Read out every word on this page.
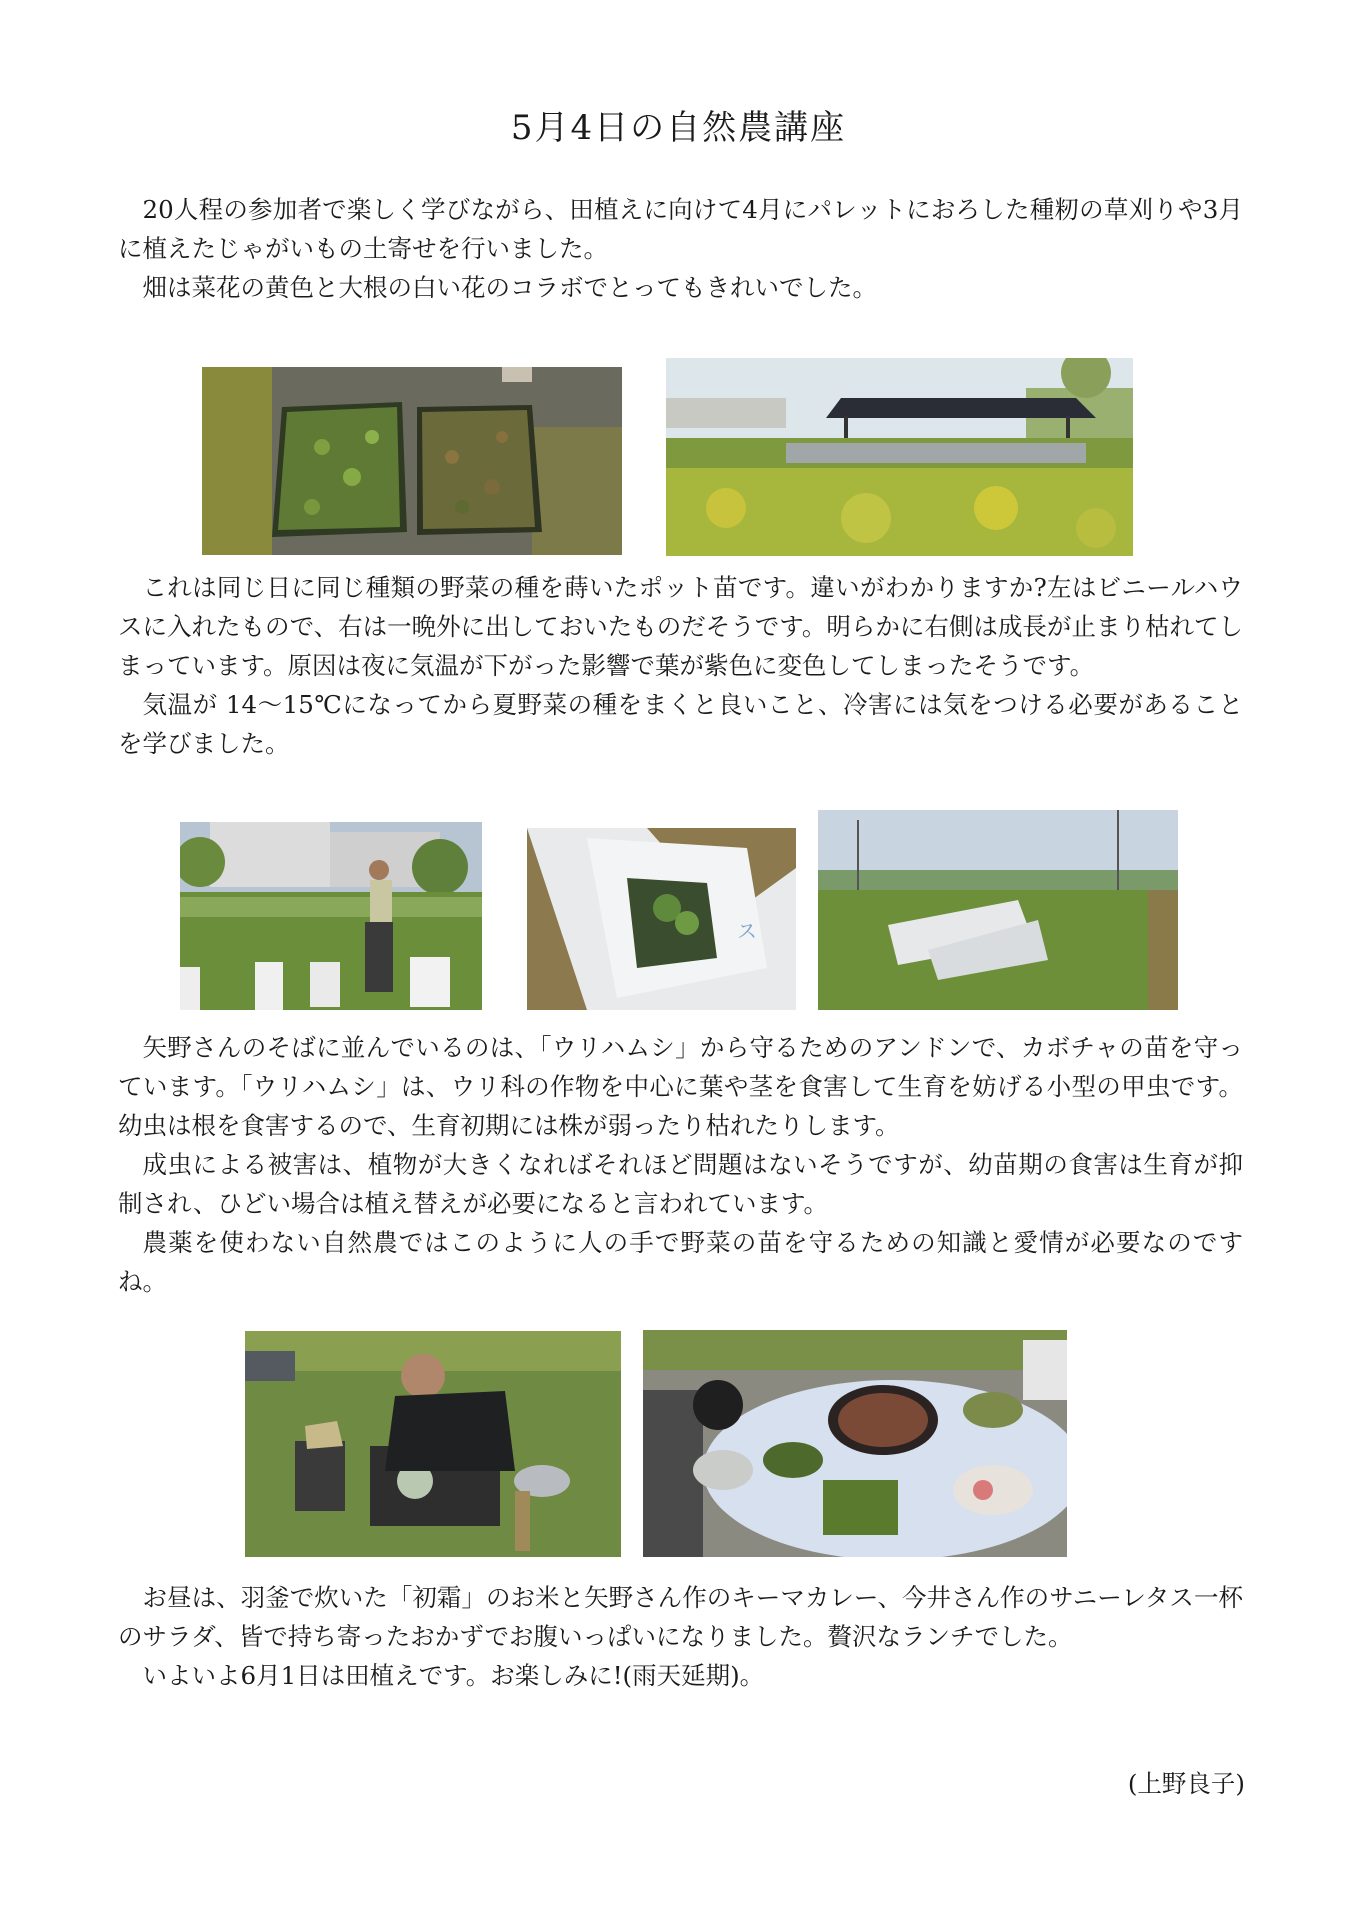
5月4日の自然農講座

20人程の参加者で楽しく学びながら、田植えに向けて4月にパレットにおろした種籾の草刈りや3月に植えたじゃがいもの土寄せを行いました。

畑は菜花の黄色と大根の白い花のコラボでとってもきれいでした。

これは同じ日に同じ種類の野菜の種を蒔いたポット苗です。違いがわかりますか?左はビニールハウスに入れたもので、右は一晩外に出しておいたものだそうです。明らかに右側は成長が止まり枯れてしまっています。原因は夜に気温が下がった影響で葉が紫色に変色してしまったそうです。

気温が 14～15℃になってから夏野菜の種をまくと良いこと、冷害には気をつける必要があることを学びました。

ス

矢野さんのそばに並んでいるのは、「ウリハムシ」から守るためのアンドンで、カボチャの苗を守っています。「ウリハムシ」は、ウリ科の作物を中心に葉や茎を食害して生育を妨げる小型の甲虫です。幼虫は根を食害するので、生育初期には株が弱ったり枯れたりします。

成虫による被害は、植物が大きくなればそれほど問題はないそうですが、幼苗期の食害は生育が抑制され、ひどい場合は植え替えが必要になると言われています。

農薬を使わない自然農ではこのように人の手で野菜の苗を守るための知識と愛情が必要なのですね。

お昼は、羽釜で炊いた「初霜」のお米と矢野さん作のキーマカレー、今井さん作のサニーレタス一杯のサラダ、皆で持ち寄ったおかずでお腹いっぱいになりました。贅沢なランチでした。

いよいよ6月1日は田植えです。お楽しみに!(雨天延期)。

(上野良子)
